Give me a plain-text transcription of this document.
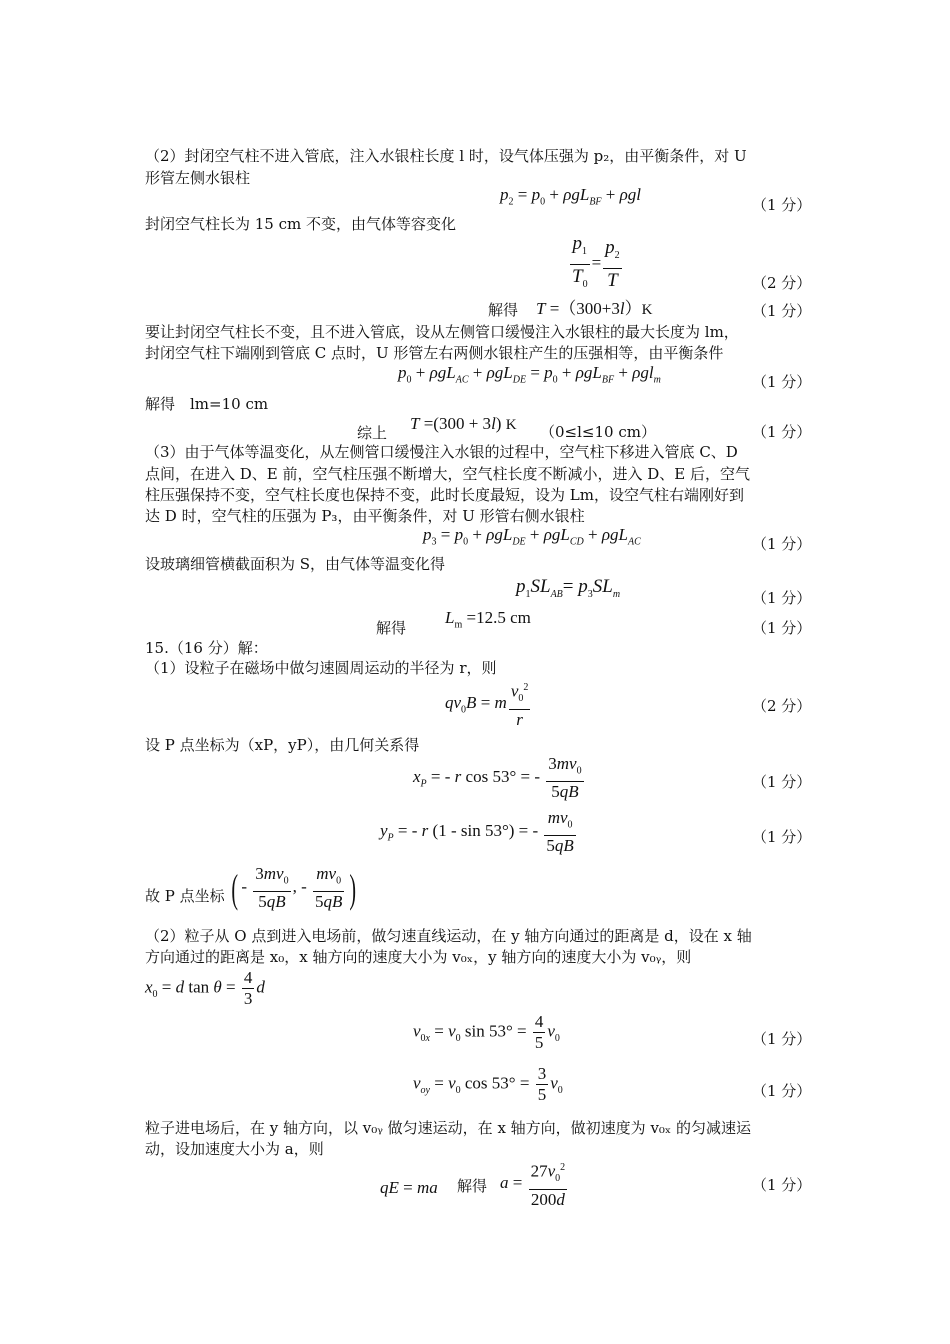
（2）封闭空气柱不进入管底，注入水银柱长度 l 时，设气体压强为 p₂，由平衡条件，对 U
形管左侧水银柱
$p_2 = p_0 + \rho gL_{BF} + \rho gl$
（1 分）
封闭空气柱长为 15 cm 不变，由气体等容变化
$\frac{p_1}{T_0} = \frac{p_2}{T}$	（2 分）
解得 T =（300+3l）K	（1 分）
要让封闭空气柱长不变，且不进入管底，设从左侧管口缓慢注入水银柱的最大长度为 lm，
封闭空气柱下端刚到管底 C 点时，U 形管左右两侧水银柱产生的压强相等，由平衡条件
$p_0 + \rho gL_{AC} + \rho gL_{DE} = p_0 + \rho gL_{BF} + \rho gl_m$	（1 分）
解得　lm=10 cm
综上 T =(300 + 3l) K （0≤l≤10 cm）	（1 分）
（3）由于气体等温变化，从左侧管口缓慢注入水银的过程中，空气柱下移进入管底 C、D
点间，在进入 D、E 前，空气柱压强不断增大，空气柱长度不断减小，进入 D、E 后，空气
柱压强保持不变，空气柱长度也保持不变，此时长度最短，设为 Lm，设空气柱右端刚好到
达 D 时，空气柱的压强为 P₃，由平衡条件，对 U 形管右侧水银柱
$p_3 = p_0 + \rho gL_{DE} + \rho gL_{CD} + \rho gL_{AC}$	（1 分）
设玻璃细管横截面积为 S，由气体等温变化得
$p_1SL_{AB}= p_3SL_m$	（1 分）
解得
$L_m =12.5$ cm
（1 分）
15.（16 分）解：
（1）设粒子在磁场中做匀速圆周运动的半径为 r，则
$qv_0B = m \frac{v_0^2}{r}$	（2 分）
设 P 点坐标为（xP，yP），由几何关系得
$x_P$ = - r cos 53° = - $\frac{3mv_0}{5qB}$	（1 分）
$y_P$ = - r (1 - sin 53°) = - $\frac{mv_0}{5qB}$	（1 分）
故 P 点坐标 ( - $\frac{3mv_0}{5qB}$ , - $\frac{mv_0}{5qB}$ )
（2）粒子从 O 点到进入电场前，做匀速直线运动，在 y 轴方向通过的距离是 d，设在 x 轴
方向通过的距离是 x₀，x 轴方向的速度大小为 v₀ₓ，y 轴方向的速度大小为 v₀ᵧ，则
$x_0 = d$ $\tan \theta = \frac{4}{3}$ d
$v_{0x} = v_0$ $\sin 53^\circ = \frac{4}{5} v_0$	（1 分）
$v_{oy} = v_0$ $\cos 53^\circ = \frac{3}{5} v_0$	（1 分）
粒子进电场后，在 y 轴方向，以 v₀ᵧ 做匀速运动，在 x 轴方向，做初速度为 v₀ₓ 的匀减速运
动，设加速度大小为 a，则
qE = ma 解得 $a = \frac{27v_0^2}{200d}$	（1 分）
